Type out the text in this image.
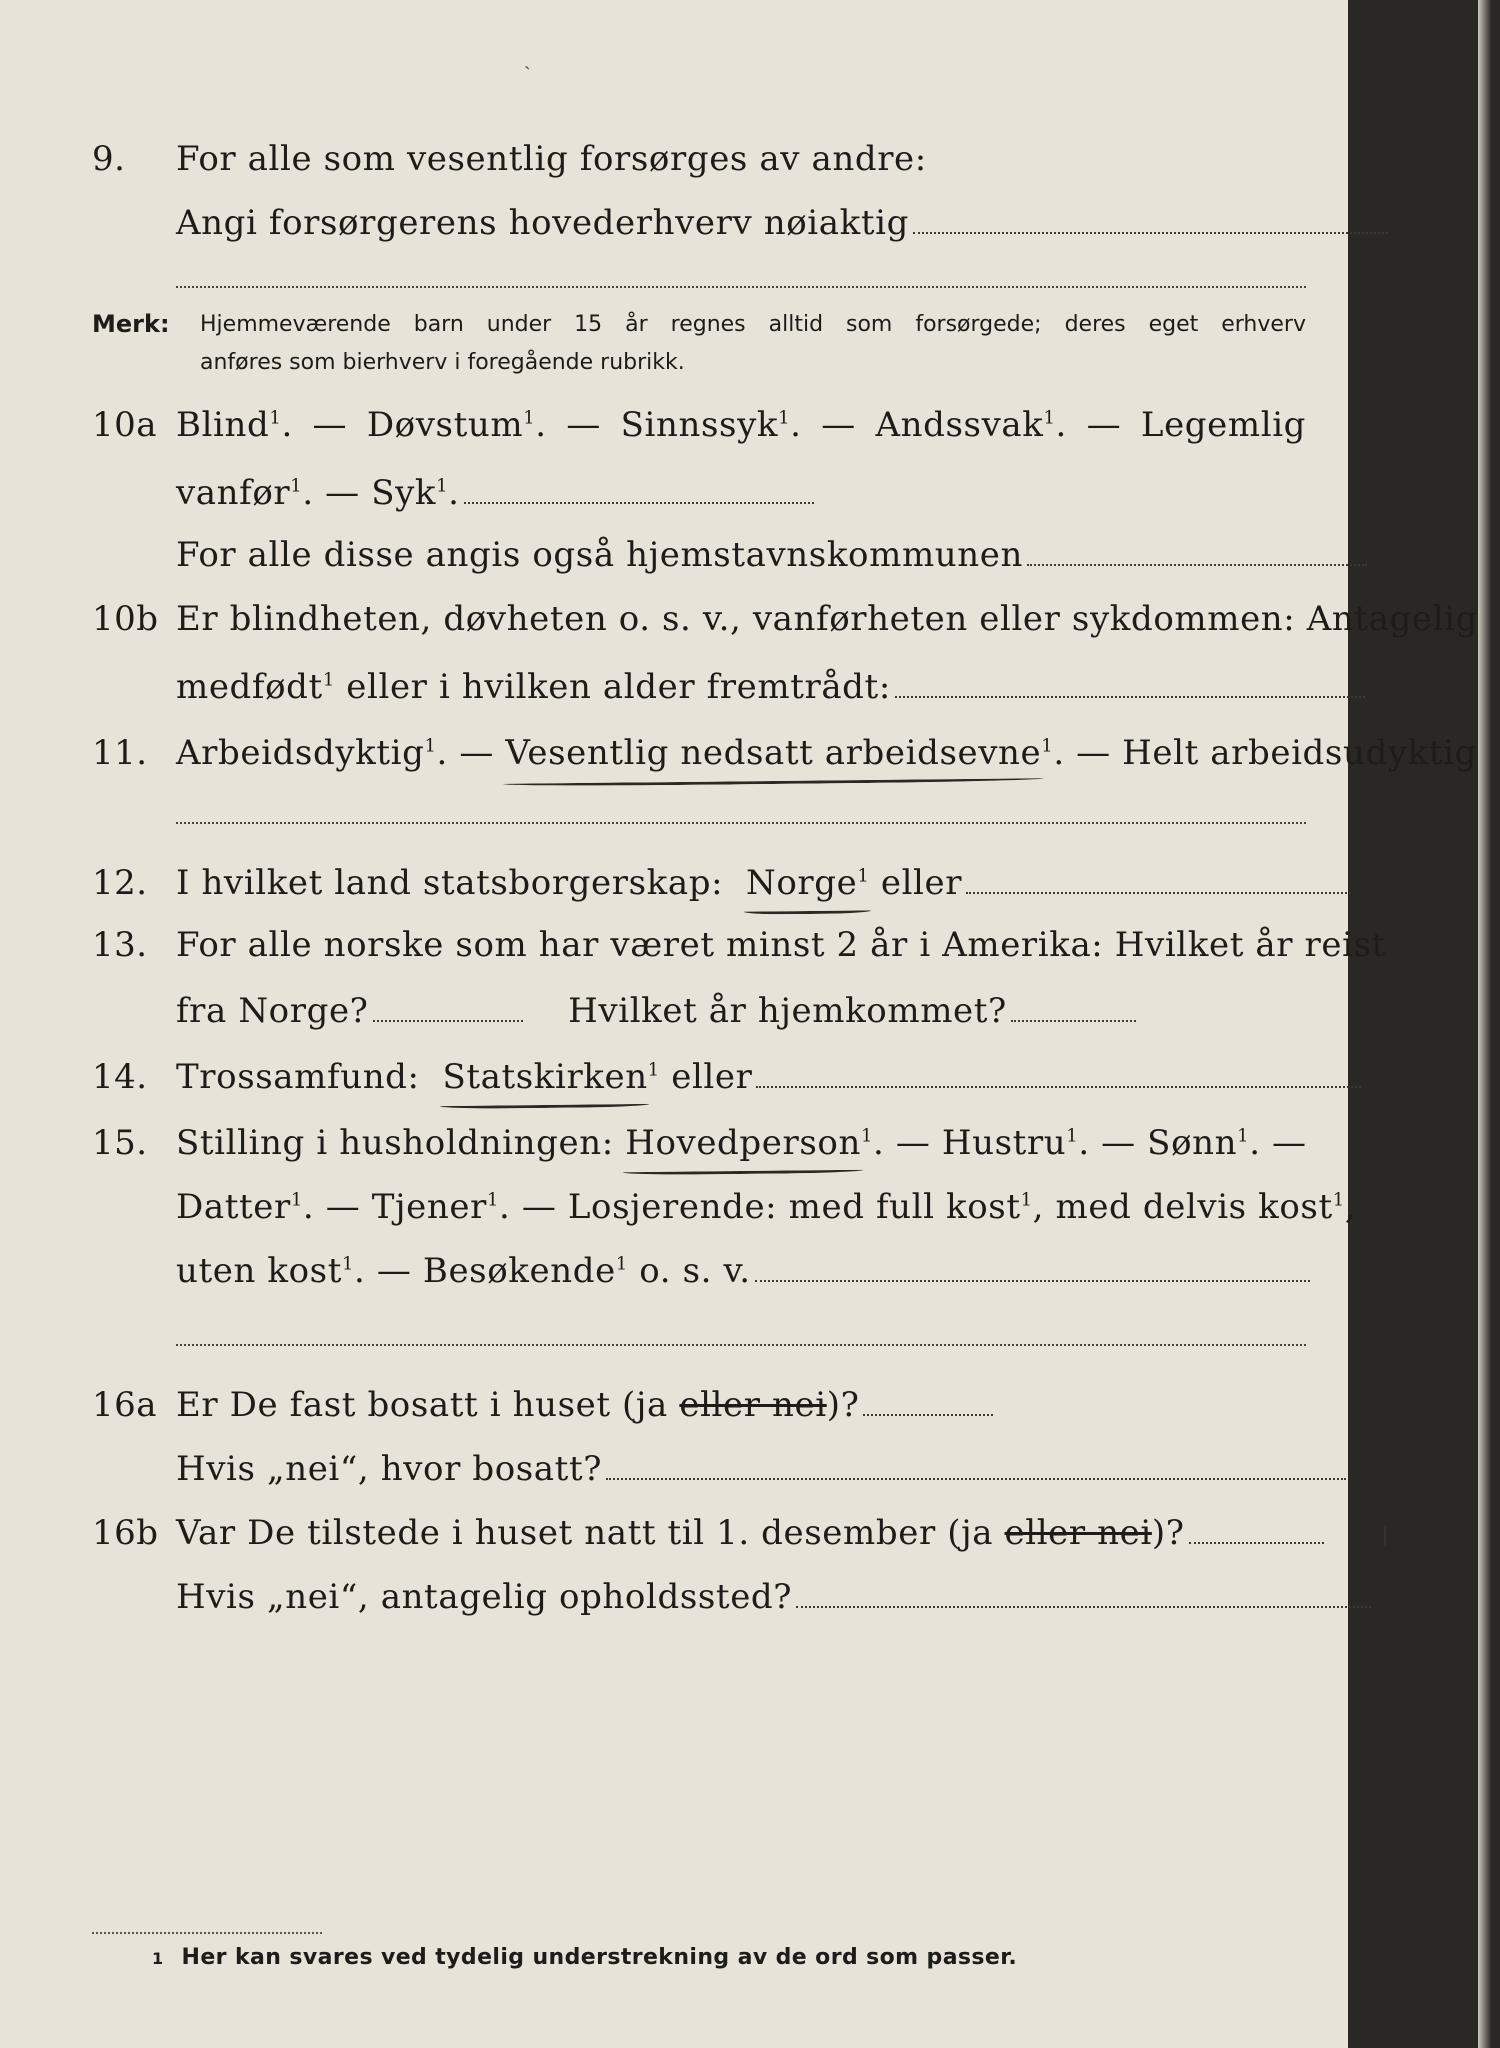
ˎ
9. For alle som vesentlig forsørges av andre:
Angi forsørgerens hovederhverv nøiaktig
Merk: Hjemmeværende barn under 15 år regnes alltid som forsørgede; deres eget erhverv
anføres som bierhverv i foregående rubrikk.
10a Blind$^1$. — Døvstum$^1$. — Sinnssyk$^1$. — Andssvak$^1$. — Legemlig
vanfør$^1$. — Syk$^1$.
For alle disse angis også hjemstavnskommunen
10b Er blindheten, døvheten o. s. v., vanførheten eller sykdommen: Antagelig
medfødt$^1$ eller i hvilken alder fremtrådt:
11. Arbeidsdyktig$^1$. — Vesentlig nedsatt arbeidsevne$^1$. — Helt arbeidsudyktig
12. I hvilket land statsborgerskap: Norge$^1$ eller
13. For alle norske som har været minst 2 år i Amerika: Hvilket år reist
fra Norge?	Hvilket år hjemkommet?
14. Trossamfund: Statskirken$^1$ eller
15. Stilling i husholdningen: Hovedperson$^1$. — Hustru$^1$. — Sønn$^1$. —
Datter$^1$. — Tjener$^1$. — Losjerende: med full kost$^1$, med delvis kost$^1$,
uten kost$^1$. — Besøkende$^1$ o. s. v.
16a Er De fast bosatt i huset (ja eller nei)?
Hvis „nei“, hvor bosatt?
16b Var De tilstede i huset natt til 1. desember (ja eller nei)?
Hvis „nei“, antagelig opholdssted?
1 Her kan svares ved tydelig understrekning av de ord som passer.
